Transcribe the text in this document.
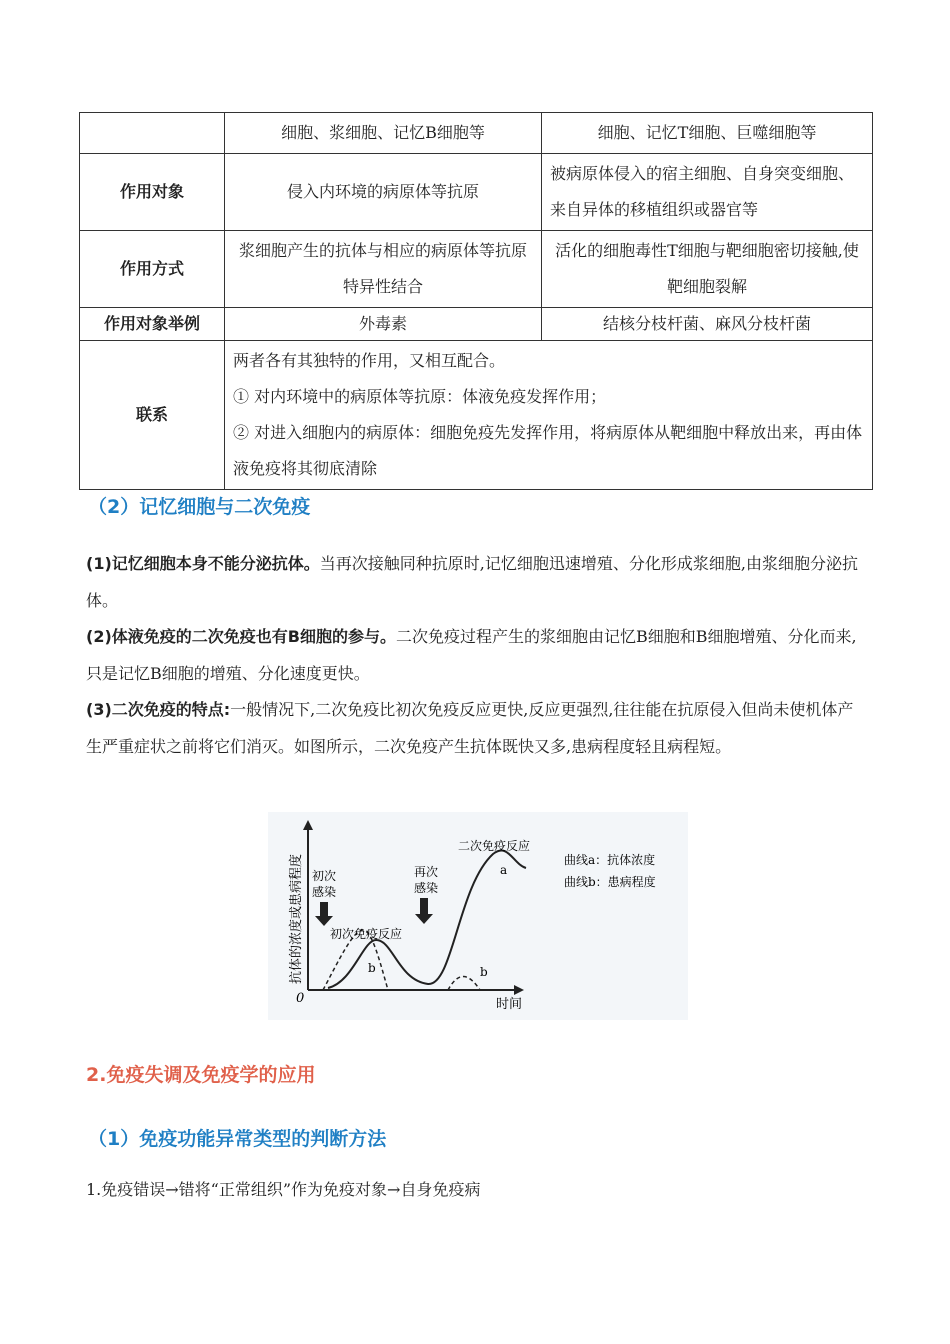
	细胞、浆细胞、记忆B细胞等	细胞、记忆T细胞、巨噬细胞等
作用对象	侵入内环境的病原体等抗原	被病原体侵入的宿主细胞、自身突变细胞、来自异体的移植组织或器官等
作用方式	浆细胞产生的抗体与相应的病原体等抗原特异性结合	活化的细胞毒性T细胞与靶细胞密切接触,使靶细胞裂解
作用对象举例	外毒素	结核分枝杆菌、麻风分枝杆菌
联系	两者各有其独特的作用，又相互配合。
① 对内环境中的病原体等抗原：体液免疫发挥作用；
② 对进入细胞内的病原体：细胞免疫先发挥作用，将病原体从靶细胞中释放出来，再由体液免疫将其彻底清除	
（2）记忆细胞与二次免疫
(1)记忆细胞本身不能分泌抗体。当再次接触同种抗原时,记忆细胞迅速增殖、分化形成浆细胞,由浆细胞分泌抗体。
(2)体液免疫的二次免疫也有B细胞的参与。二次免疫过程产生的浆细胞由记忆B细胞和B细胞增殖、分化而来,只是记忆B细胞的增殖、分化速度更快。
(3)二次免疫的特点:一般情况下,二次免疫比初次免疫反应更快,反应更强烈,往往能在抗原侵入但尚未使机体产生严重症状之前将它们消灭。如图所示，二次免疫产生抗体既快又多,患病程度轻且病程短。
0	时间
抗体的浓度或患病程度 初次
感染
再次
感染
初次免疫反应
二次免疫反应
a
b	b
曲线a：抗体浓度
曲线b：患病程度
2.免疫失调及免疫学的应用
（1）免疫功能异常类型的判断方法
1.免疫错误→错将“正常组织”作为免疫对象→自身免疫病
